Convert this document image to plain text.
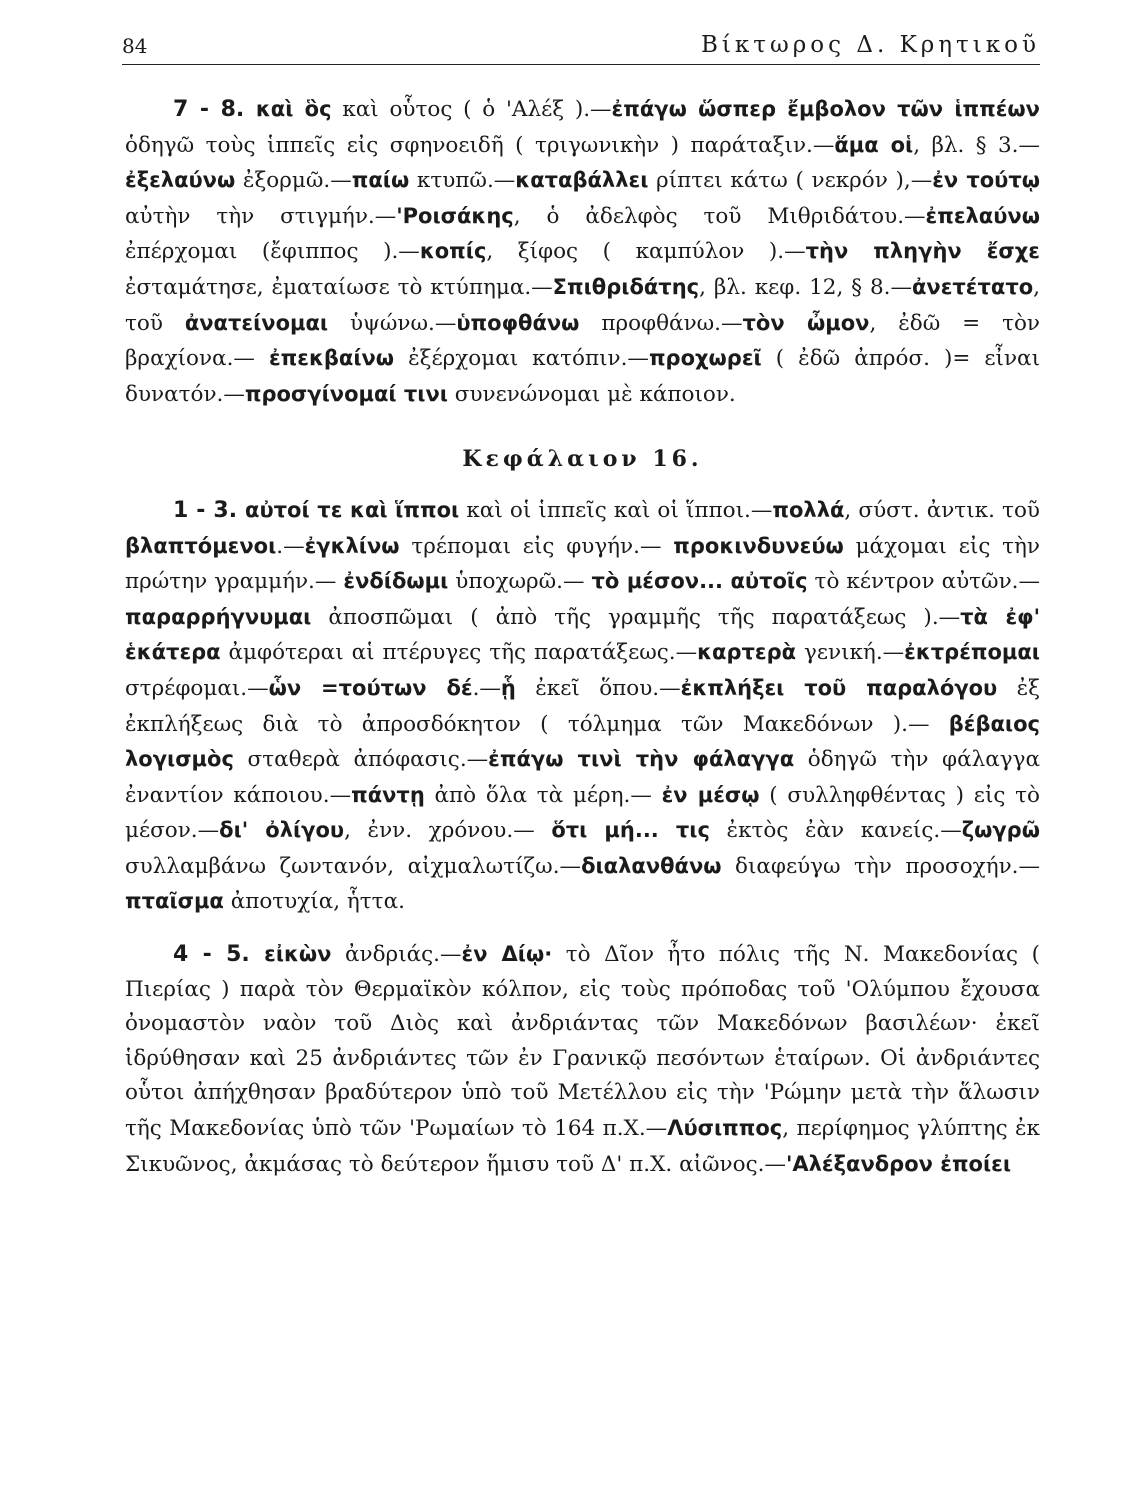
84	Βίκτωρος Δ. Κρητικοῦ

7 - 8. καὶ ὃς καὶ οὗτος ( ὁ 'Αλέξ ).—ἐπάγω ὥσπερ ἔμβολον τῶν ἱππέων ὁδηγῶ τοὺς ἱππεῖς εἰς σφηνοειδῆ ( τριγωνικὴν ) παράταξιν.—ἅμα οἱ, βλ. § 3.—ἐξελαύνω ἐξορμῶ.—παίω κτυπῶ.—καταβάλλει ρίπτει κάτω ( νεκρόν ),—ἐν τούτῳ αὐτὴν τὴν στιγμήν.—'Ροισάκης, ὁ ἀδελφὸς τοῦ Μιθριδάτου.—ἐπελαύνω ἐπέρχομαι (ἔφιππος ).—κοπίς, ξίφος ( καμπύλον ).—τὴν πληγὴν ἔσχε ἐσταμάτησε, ἐματαίωσε τὸ κτύπημα.—Σπιθριδάτης, βλ. κεφ. 12, § 8.—ἀνετέτατο, τοῦ ἀνατείνομαι ὑψώνω.—ὑποφθάνω προφθάνω.—τὸν ὦμον, ἐδῶ = τὸν βραχίονα.— ἐπεκβαίνω ἐξέρχομαι κατόπιν.—προχωρεῖ ( ἐδῶ ἀπρόσ. )= εἶναι δυνατόν.—προσγίνομαί τινι συνενώνομαι μὲ κάποιον.

Κεφάλαιον 16.

1 - 3. αὐτοί τε καὶ ἵπποι καὶ οἱ ἱππεῖς καὶ οἱ ἵπποι.—πολλά, σύστ. ἀντικ. τοῦ βλαπτόμενοι.—ἐγκλίνω τρέπομαι εἰς φυγήν.— προκινδυνεύω μάχομαι εἰς τὴν πρώτην γραμμήν.— ἐνδίδωμι ὑποχωρῶ.— τὸ μέσον... αὐτοῖς τὸ κέντρον αὐτῶν.—παραρρήγνυμαι ἀποσπῶμαι ( ἀπὸ τῆς γραμμῆς τῆς παρατάξεως ).—τὰ ἐφ' ἑκάτερα ἀμφότεραι αἱ πτέρυγες τῆς παρατάξεως.—καρτερὰ γενική.—ἐκτρέπομαι στρέφομαι.—ὧν =τούτων δέ.—ᾗ ἐκεῖ ὅπου.—ἐκπλήξει τοῦ παραλόγου ἐξ ἐκπλήξεως διὰ τὸ ἀπροσδόκητον ( τόλμημα τῶν Μακεδόνων ).— βέβαιος λογισμὸς σταθερὰ ἀπόφασις.—ἐπάγω τινὶ τὴν φάλαγγα ὁδηγῶ τὴν φάλαγγα ἐναντίον κάποιου.—πάντῃ ἀπὸ ὅλα τὰ μέρη.— ἐν μέσῳ ( συλληφθέντας ) εἰς τὸ μέσον.—δι' ὀλίγου, ἐνν. χρόνου.— ὅτι μή... τις ἐκτὸς ἐὰν κανείς.—ζωγρῶ συλλαμβάνω ζωντανόν, αἰχμαλωτίζω.—διαλανθάνω διαφεύγω τὴν προσοχήν.— πταῖσμα ἀποτυχία, ἧττα.

4 - 5. εἰκὼν ἀνδριάς.—ἐν Δίῳ· τὸ Δῖον ἦτο πόλις τῆς Ν. Μακεδονίας ( Πιερίας ) παρὰ τὸν Θερμαϊκὸν κόλπον, εἰς τοὺς πρόποδας τοῦ 'Ολύμπου ἔχουσα ὀνομαστὸν ναὸν τοῦ Διὸς καὶ ἀνδριάντας τῶν Μακεδόνων βασιλέων· ἐκεῖ ἱδρύθησαν καὶ 25 ἀνδριάντες τῶν ἐν Γρανικῷ πεσόντων ἑταίρων. Οἱ ἀνδριάντες οὗτοι ἀπήχθησαν βραδύτερον ὑπὸ τοῦ Μετέλλου εἰς τὴν 'Ρώμην μετὰ τὴν ἅλωσιν τῆς Μακεδονίας ὑπὸ τῶν 'Ρωμαίων τὸ 164 π.Χ.—Λύσιππος, περίφημος γλύπτης ἐκ Σικυῶνος, ἀκμάσας τὸ δεύτερον ἥμισυ τοῦ Δ' π.Χ. αἰῶνος.—'Αλέξανδρον ἐποίει
